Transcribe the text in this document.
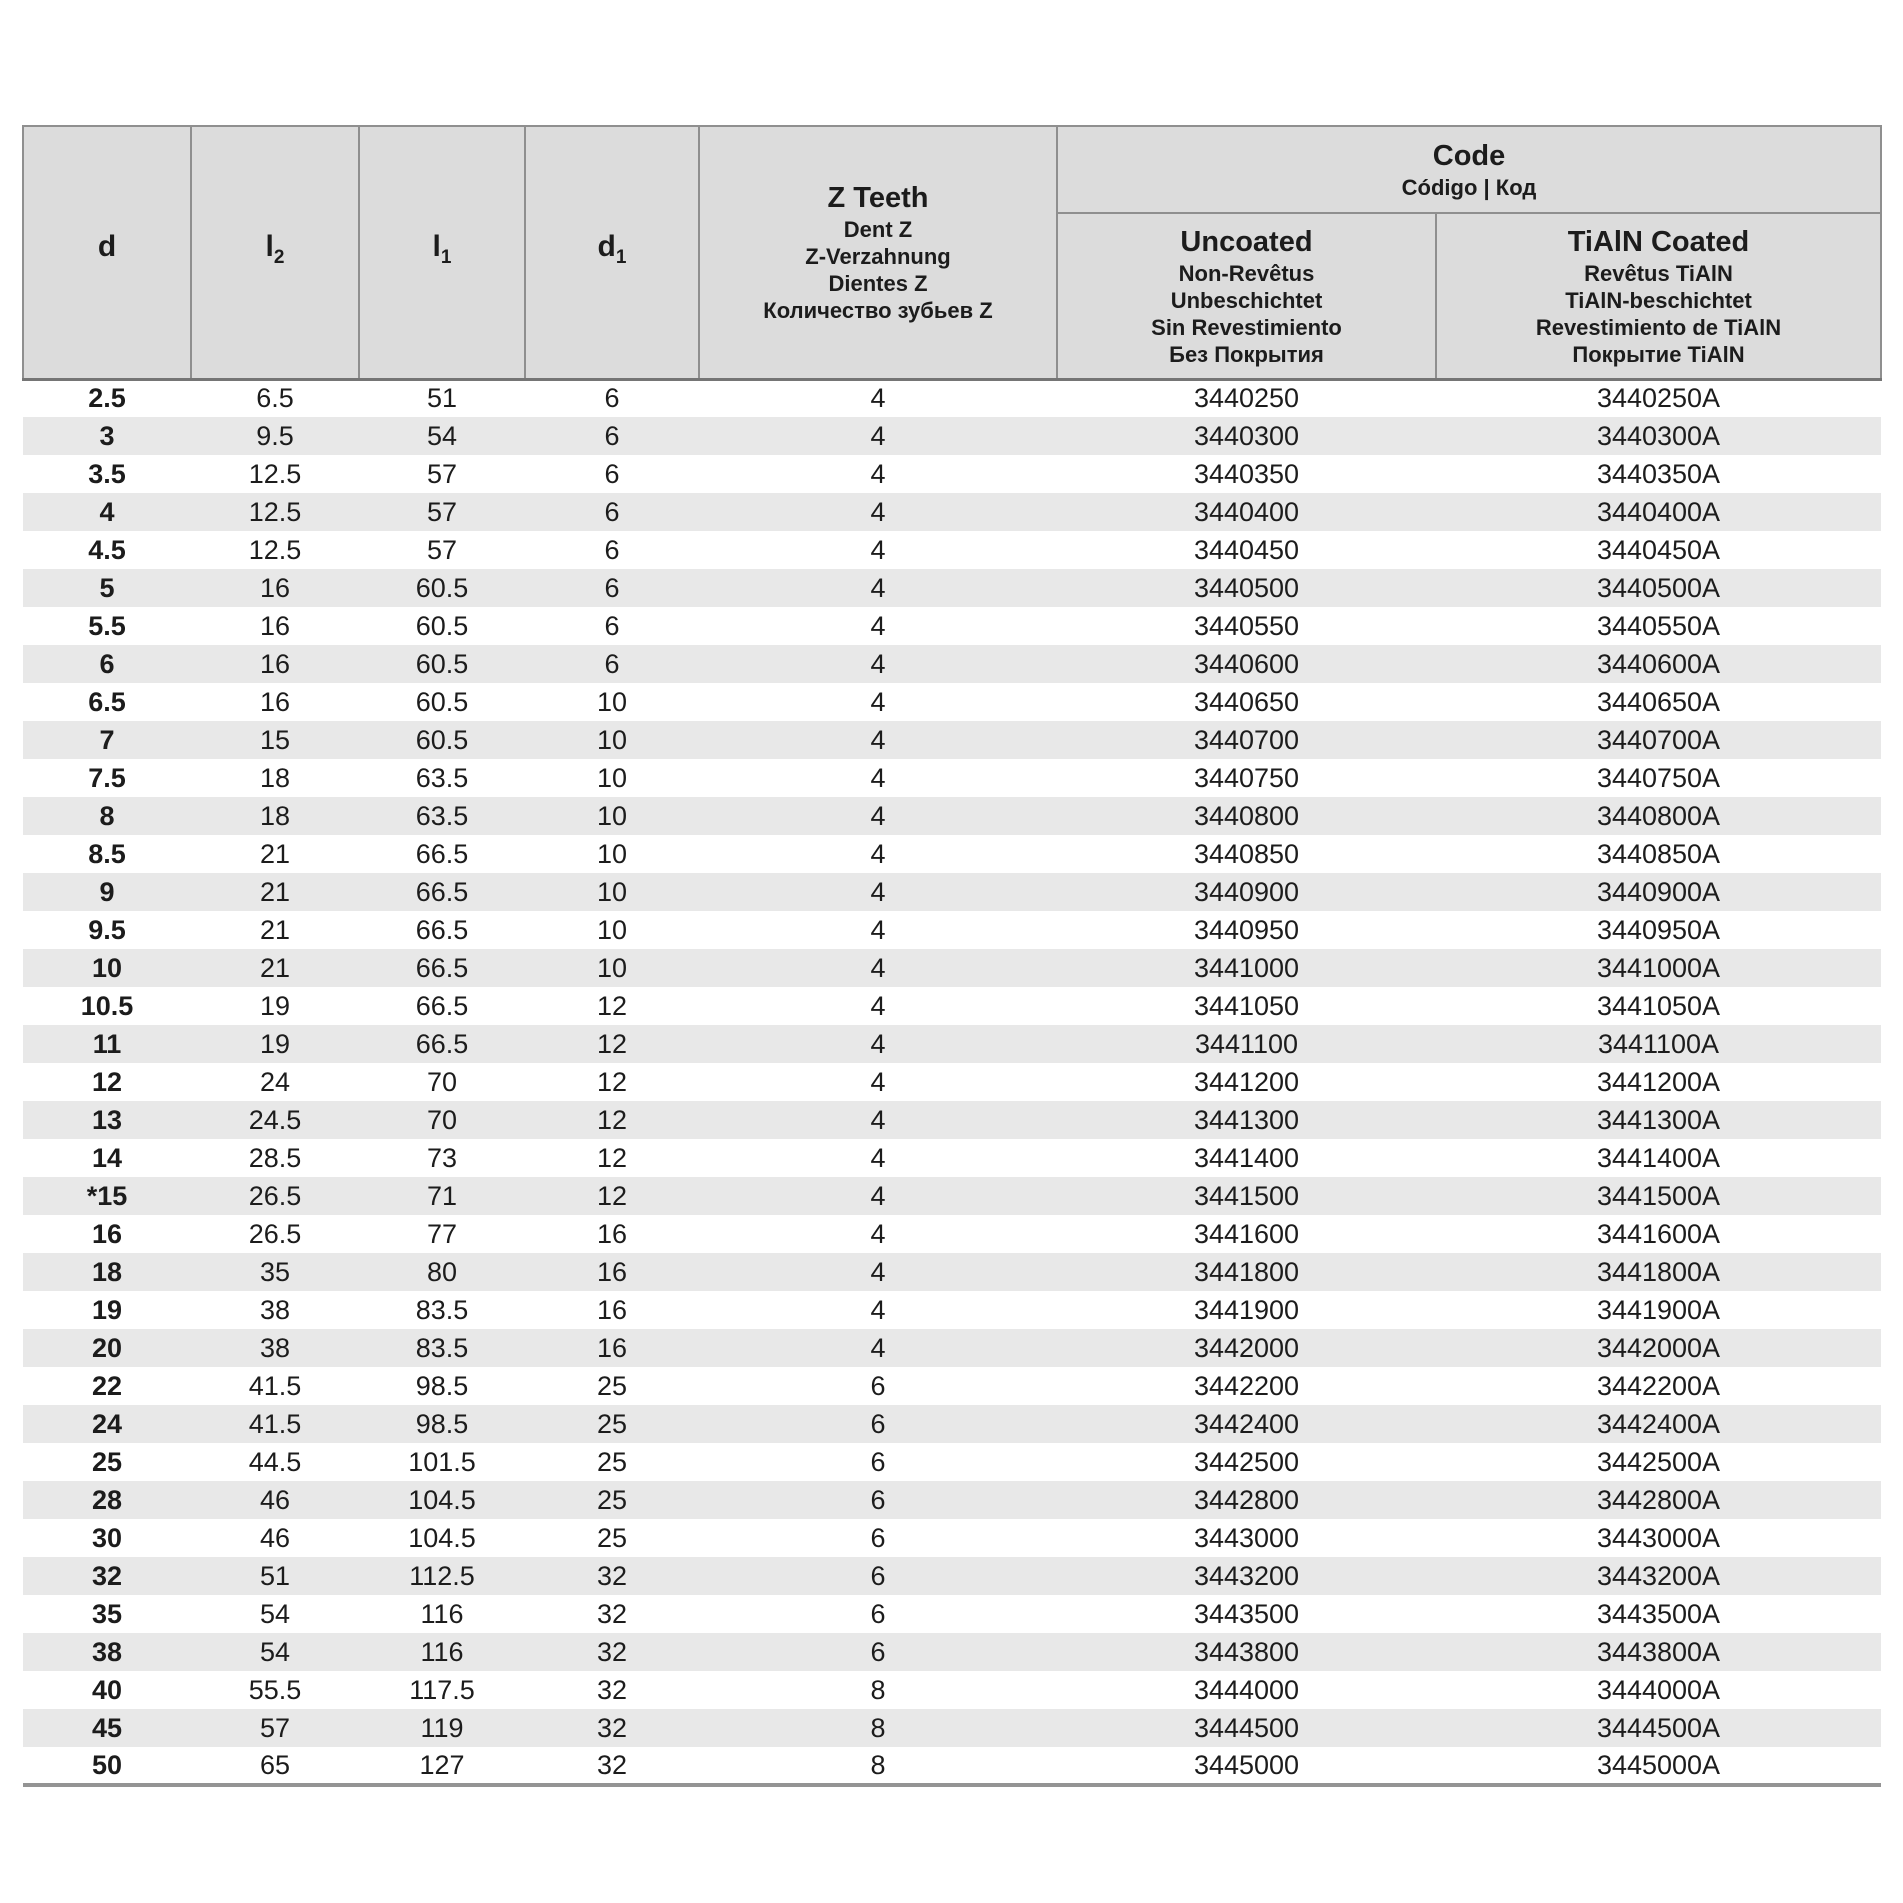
d	$l_2$	$l_1$	$d_1$	
Z Teeth
Dent Z
Z-Verzahnung
Dientes Z
Количество зубьев Z

Code
Código | Код

Uncoated
Non-Revêtus
Unbeschichtet
Sin Revestimiento
Без Покрытия

TiAlN Coated
Revêtus TiAlN
TiAlN-beschichtet
Revestimiento de TiAlN
Покрытие TiAlN

2.5	6.5	51	6	4	3440250	3440250A
3	9.5	54	6	4	3440300	3440300A
3.5	12.5	57	6	4	3440350	3440350A
4	12.5	57	6	4	3440400	3440400A
4.5	12.5	57	6	4	3440450	3440450A
5	16	60.5	6	4	3440500	3440500A
5.5	16	60.5	6	4	3440550	3440550A
6	16	60.5	6	4	3440600	3440600A
6.5	16	60.5	10	4	3440650	3440650A
7	15	60.5	10	4	3440700	3440700A
7.5	18	63.5	10	4	3440750	3440750A
8	18	63.5	10	4	3440800	3440800A
8.5	21	66.5	10	4	3440850	3440850A
9	21	66.5	10	4	3440900	3440900A
9.5	21	66.5	10	4	3440950	3440950A
10	21	66.5	10	4	3441000	3441000A
10.5	19	66.5	12	4	3441050	3441050A
11	19	66.5	12	4	3441100	3441100A
12	24	70	12	4	3441200	3441200A
13	24.5	70	12	4	3441300	3441300A
14	28.5	73	12	4	3441400	3441400A
*15	26.5	71	12	4	3441500	3441500A
16	26.5	77	16	4	3441600	3441600A
18	35	80	16	4	3441800	3441800A
19	38	83.5	16	4	3441900	3441900A
20	38	83.5	16	4	3442000	3442000A
22	41.5	98.5	25	6	3442200	3442200A
24	41.5	98.5	25	6	3442400	3442400A
25	44.5	101.5	25	6	3442500	3442500A
28	46	104.5	25	6	3442800	3442800A
30	46	104.5	25	6	3443000	3443000A
32	51	112.5	32	6	3443200	3443200A
35	54	116	32	6	3443500	3443500A
38	54	116	32	6	3443800	3443800A
40	55.5	117.5	32	8	3444000	3444000A
45	57	119	32	8	3444500	3444500A
50	65	127	32	8	3445000	3445000A
